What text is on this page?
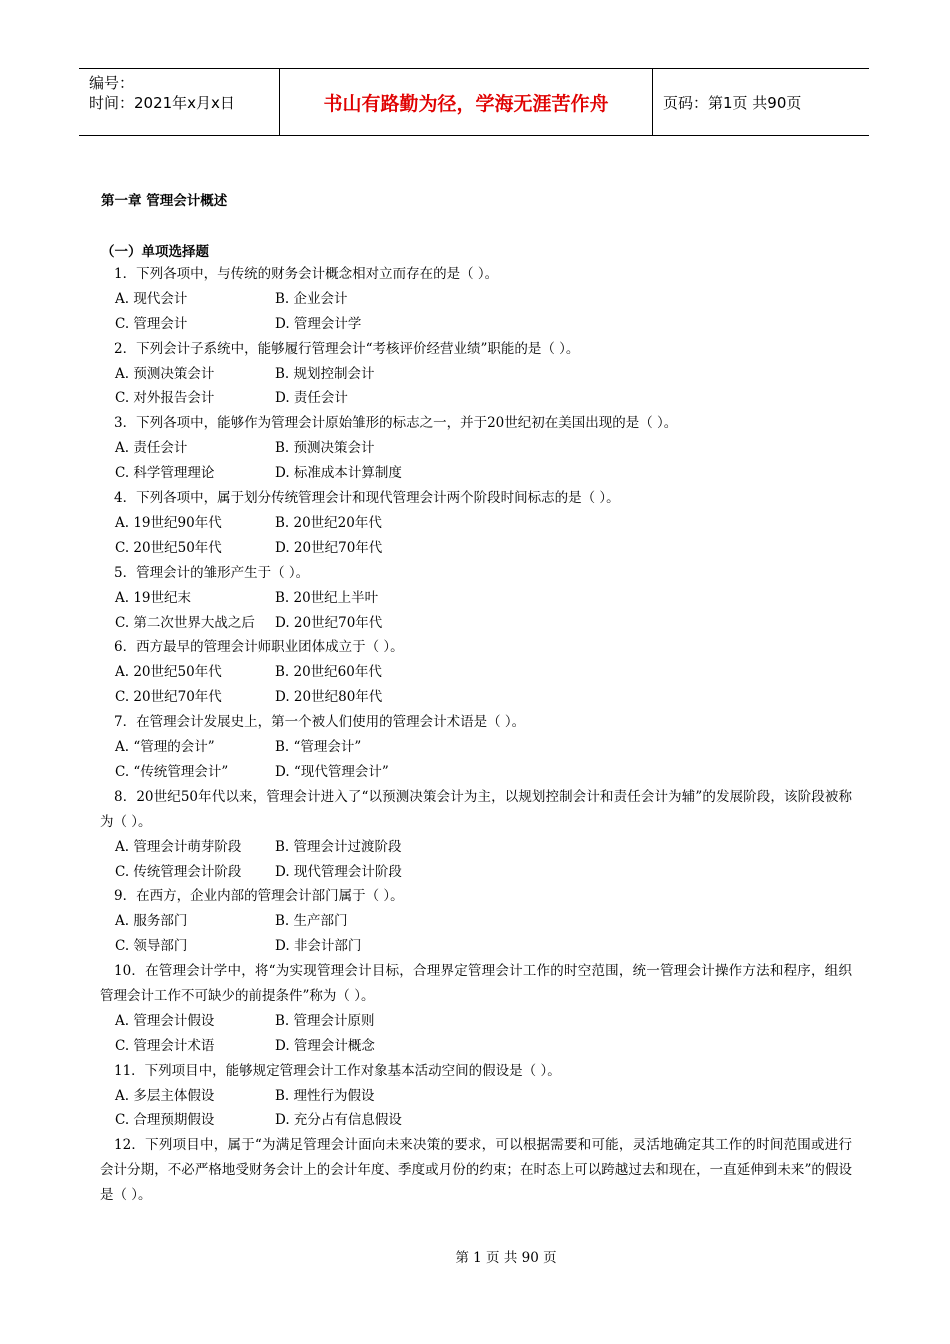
编号：
时间：2021年x月x日	书山有路勤为径，学海无涯苦作舟	页码：第1页 共90页
第一章 管理会计概述
（一）单项选择题
1．下列各项中，与传统的财务会计概念相对立而存在的是（ ）。
A. 现代会计	B. 企业会计
C. 管理会计	D. 管理会计学
2．下列会计子系统中，能够履行管理会计“考核评价经营业绩”职能的是（ ）。
A. 预测决策会计	B. 规划控制会计
C. 对外报告会计	D. 责任会计
3．下列各项中，能够作为管理会计原始雏形的标志之一，并于20世纪初在美国出现的是（ ）。
A. 责任会计	B. 预测决策会计
C. 科学管理理论	D. 标准成本计算制度
4．下列各项中，属于划分传统管理会计和现代管理会计两个阶段时间标志的是（ ）。
A. 19世纪90年代	B. 20世纪20年代
C. 20世纪50年代	D. 20世纪70年代
5．管理会计的雏形产生于（ ）。
A. 19世纪末	B. 20世纪上半叶
C. 第二次世界大战之后 D. 20世纪70年代
6．西方最早的管理会计师职业团体成立于（ ）。
A. 20世纪50年代	B. 20世纪60年代
C. 20世纪70年代	D. 20世纪80年代
7．在管理会计发展史上，第一个被人们使用的管理会计术语是（ ）。
A. “管理的会计”	B. “管理会计”
C. “传统管理会计”	D. “现代管理会计”
8．20世纪50年代以来，管理会计进入了“以预测决策会计为主，以规划控制会计和责任会计为辅”的发展阶段，该阶段被称为（ ）。
A. 管理会计萌芽阶段 B. 管理会计过渡阶段
C. 传统管理会计阶段 D. 现代管理会计阶段
9．在西方，企业内部的管理会计部门属于（ ）。
A. 服务部门	B. 生产部门
C. 领导部门	D. 非会计部门
10．在管理会计学中，将“为实现管理会计目标，合理界定管理会计工作的时空范围，统一管理会计操作方法和程序，组织管理会计工作不可缺少的前提条件”称为（ ）。
A. 管理会计假设	B. 管理会计原则
C. 管理会计术语	D. 管理会计概念
11．下列项目中，能够规定管理会计工作对象基本活动空间的假设是（ ）。
A. 多层主体假设	B. 理性行为假设
C. 合理预期假设	D. 充分占有信息假设
12．下列项目中，属于“为满足管理会计面向未来决策的要求，可以根据需要和可能，灵活地确定其工作的时间范围或进行会计分期，不必严格地受财务会计上的会计年度、季度或月份的约束；在时态上可以跨越过去和现在，一直延伸到未来”的假设是（ ）。
第 1 页 共 90 页
